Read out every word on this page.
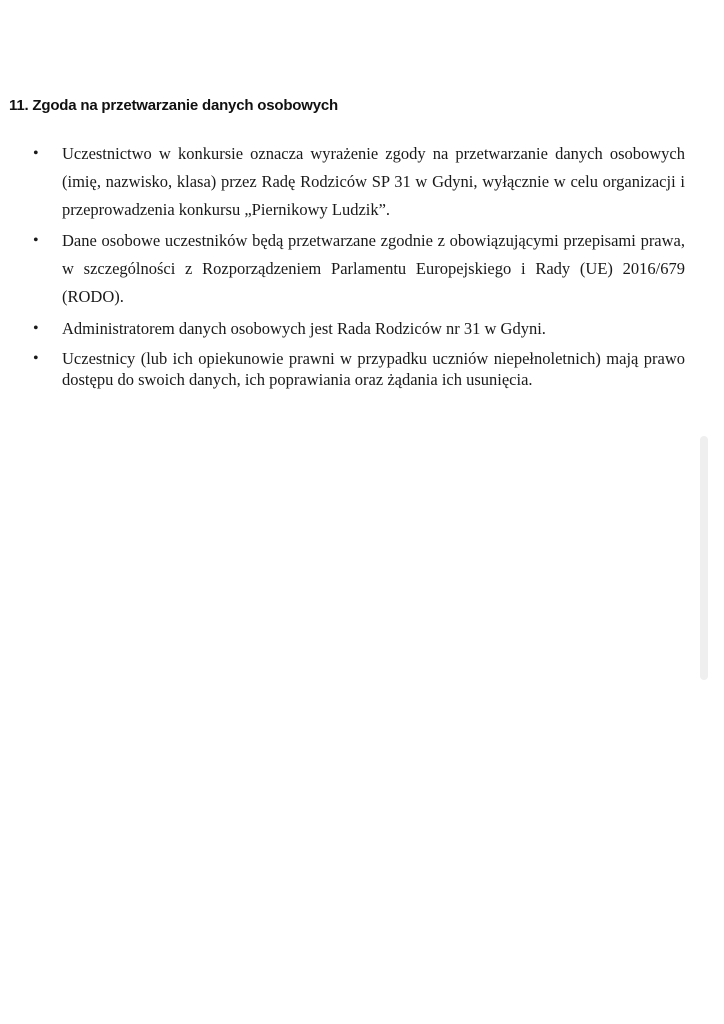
11. Zgoda na przetwarzanie danych osobowych
• Uczestnictwo w konkursie oznacza wyrażenie zgody na przetwarzanie danych osobowych (imię, nazwisko, klasa) przez Radę Rodziców SP 31 w Gdyni, wyłącznie w celu organizacji i przeprowadzenia konkursu „Piernikowy Ludzik”.
• Dane osobowe uczestników będą przetwarzane zgodnie z obowiązującymi przepisami prawa, w szczególności z Rozporządzeniem Parlamentu Europejskiego i Rady (UE) 2016/679 (RODO).
• Administratorem danych osobowych jest Rada Rodziców nr 31 w Gdyni.
• Uczestnicy (lub ich opiekunowie prawni w przypadku uczniów niepełnoletnich) mają prawo dostępu do swoich danych, ich poprawiania oraz żądania ich usunięcia.
